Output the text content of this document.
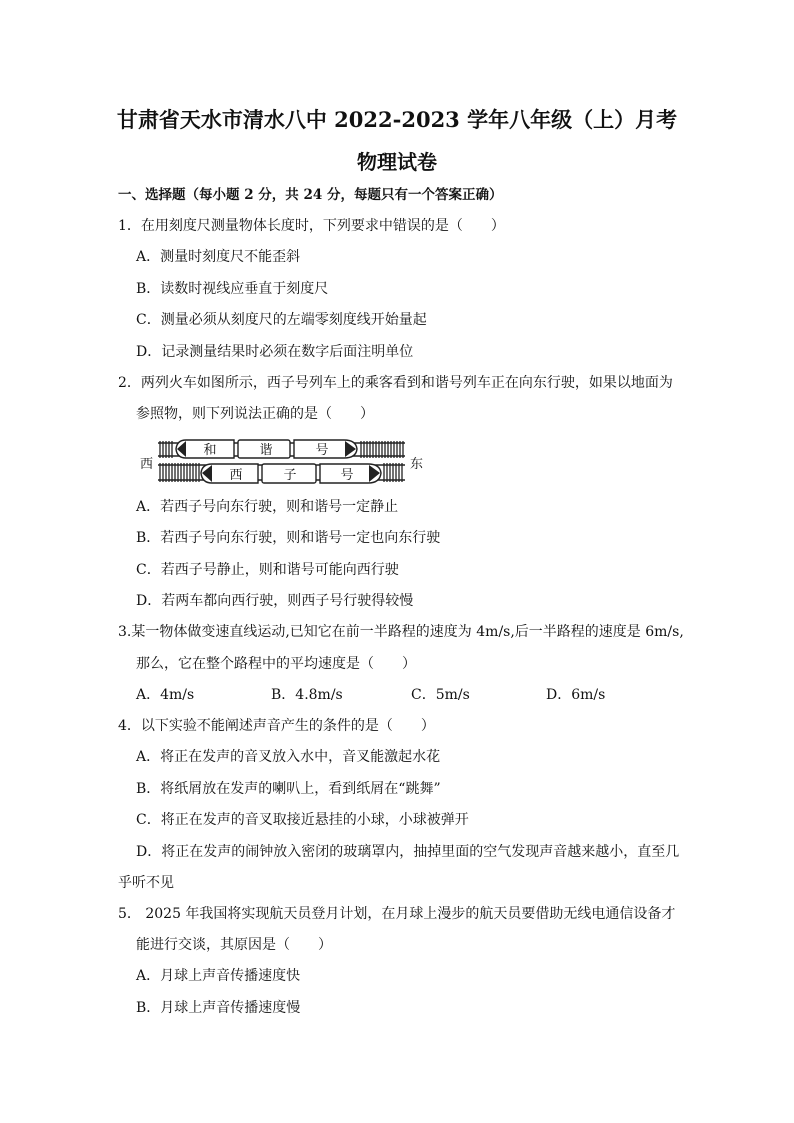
甘肃省天水市清水八中 2022-2023 学年八年级（上）月考
物理试卷
一、选择题（每小题 2 分，共 24 分，每题只有一个答案正确）
1．在用刻度尺测量物体长度时，下列要求中错误的是（　　）
A．测量时刻度尺不能歪斜
B．读数时视线应垂直于刻度尺
C．测量必须从刻度尺的左端零刻度线开始量起
D．记录测量结果时必须在数字后面注明单位
2．两列火车如图所示，西子号列车上的乘客看到和谐号列车正在向东行驶，如果以地面为
参照物，则下列说法正确的是（　　）
和	谐	号
西	子	号
西	东
A．若西子号向东行驶，则和谐号一定静止
B．若西子号向东行驶，则和谐号一定也向东行驶
C．若西子号静止，则和谐号可能向西行驶
D．若两车都向西行驶，则西子号行驶得较慢
3.某一物体做变速直线运动,已知它在前一半路程的速度为 4m/s,后一半路程的速度是 6m/s,
那么，它在整个路程中的平均速度是（　　）
A．4m/s	B．4.8m/s	C．5m/s	D．6m/s
4．以下实验不能阐述声音产生的条件的是（　　）
A．将正在发声的音叉放入水中，音叉能激起水花
B．将纸屑放在发声的喇叭上，看到纸屑在“跳舞”
C．将正在发声的音叉取接近悬挂的小球，小球被弹开
D．将正在发声的闹钟放入密闭的玻璃罩内，抽掉里面的空气发现声音越来越小，直至几
乎听不见
5． 2025 年我国将实现航天员登月计划，在月球上漫步的航天员要借助无线电通信设备才
能进行交谈，其原因是（　　）
A．月球上声音传播速度快
B．月球上声音传播速度慢
